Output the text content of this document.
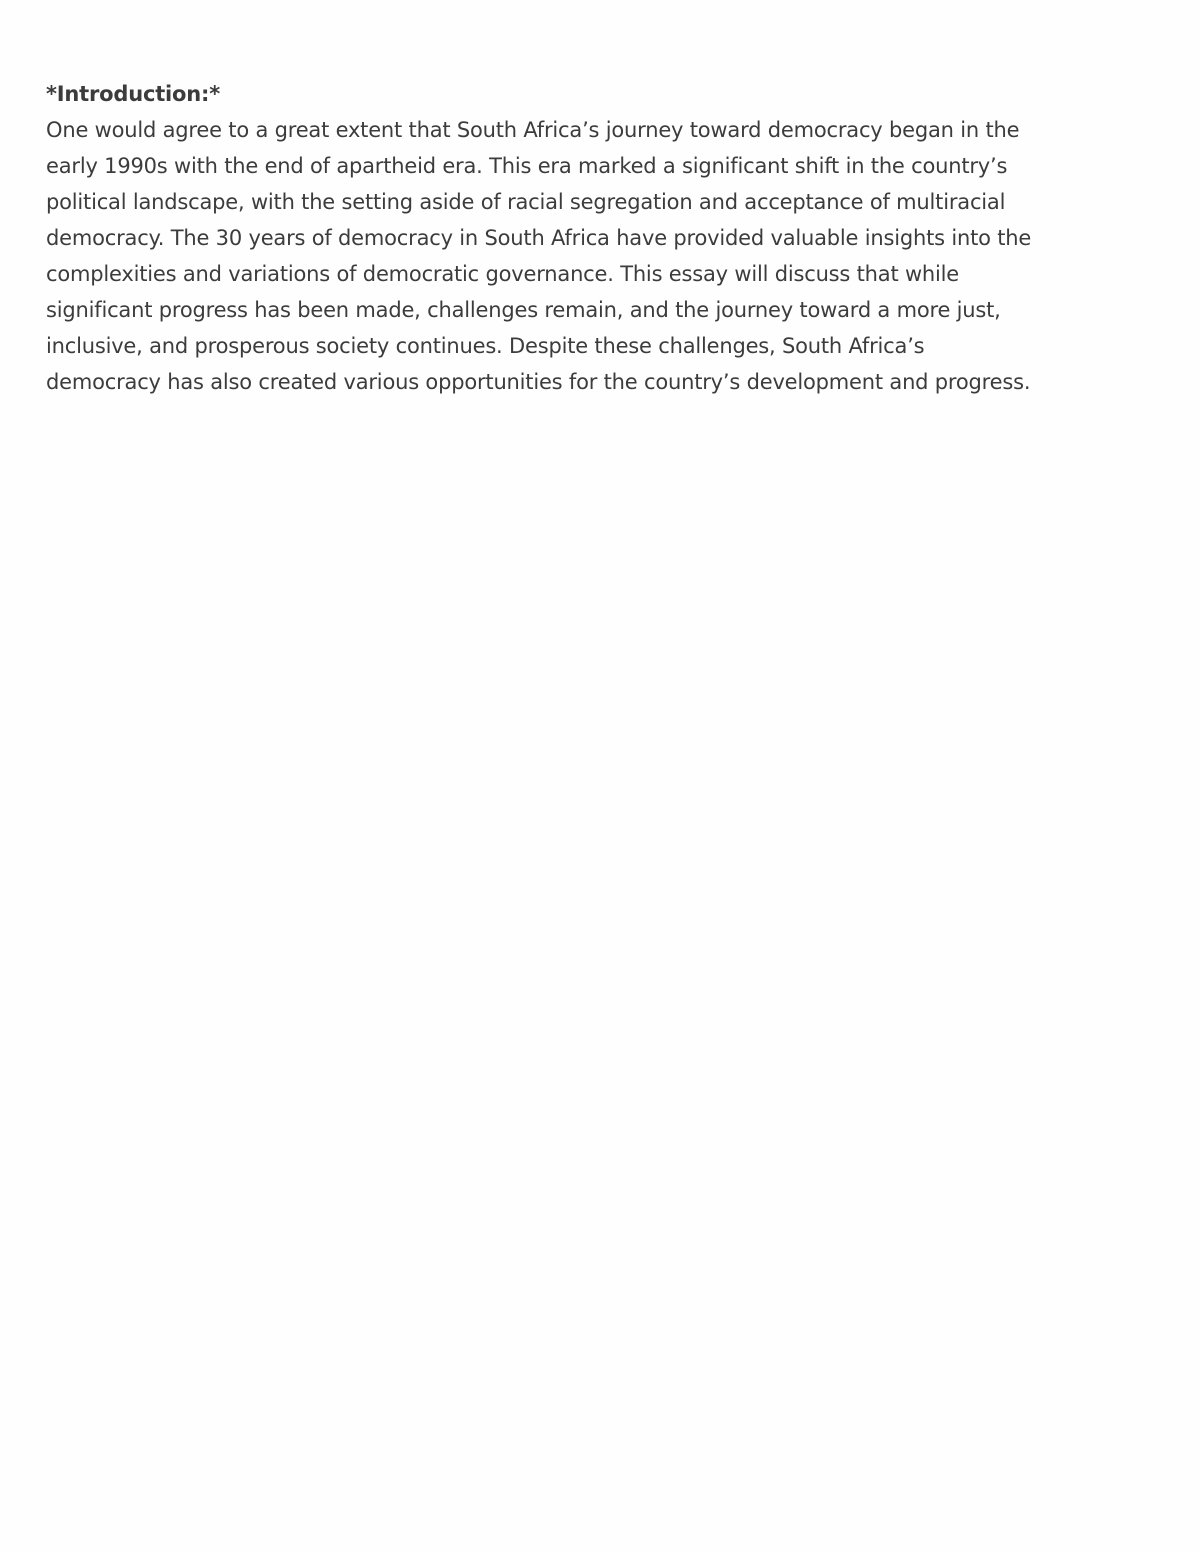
*Introduction:*

One would agree to a great extent that South Africa’s journey toward democracy began in the
early 1990s with the end of apartheid era. This era marked a significant shift in the country’s
political landscape, with the setting aside of racial segregation and acceptance of multiracial
democracy. The 30 years of democracy in South Africa have provided valuable insights into the
complexities and variations of democratic governance. This essay will discuss that while
significant progress has been made, challenges remain, and the journey toward a more just,
inclusive, and prosperous society continues. Despite these challenges, South Africa’s
democracy has also created various opportunities for the country’s development and progress.
